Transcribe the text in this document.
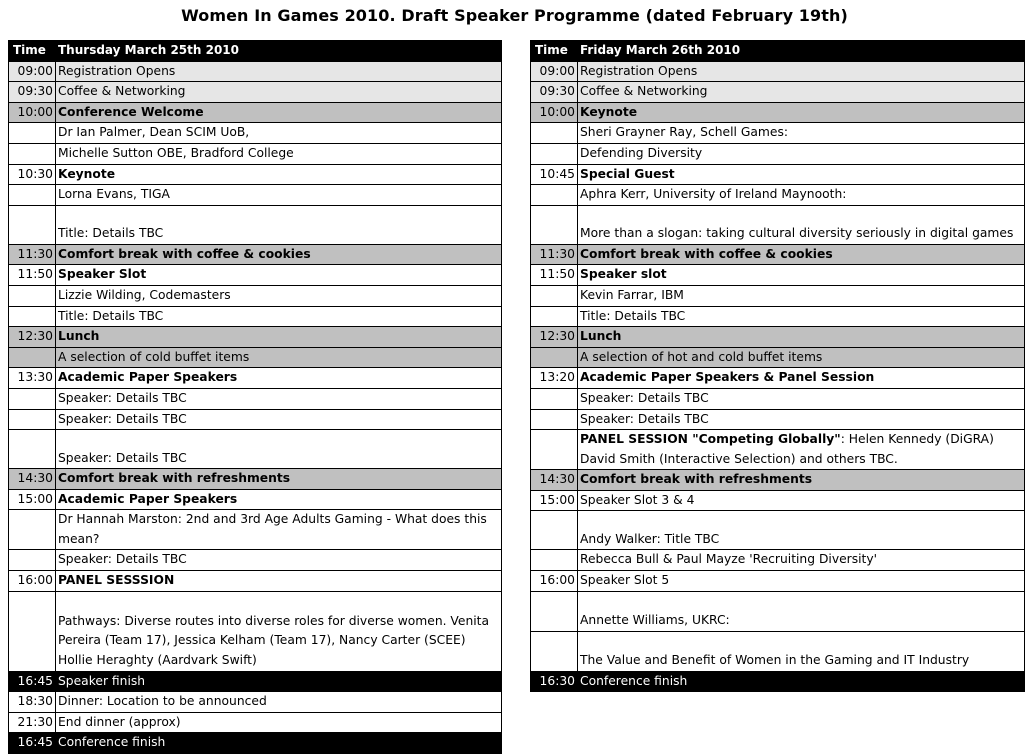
Women In Games 2010. Draft Speaker Programme (dated February 19th)
Time	Thursday March 25th 2010
09:00	Registration Opens
09:30	Coffee & Networking
10:00	Conference Welcome
	Dr Ian Palmer, Dean SCIM UoB,
	Michelle Sutton OBE, Bradford College
10:30	Keynote
	Lorna Evans, TIGA
	Title: Details TBC
11:30	Comfort break with coffee & cookies
11:50	Speaker Slot
	Lizzie Wilding, Codemasters
	Title: Details TBC
12:30	Lunch
	A selection of cold buffet items
13:30	Academic Paper Speakers
	Speaker: Details TBC
	Speaker: Details TBC
	Speaker: Details TBC
14:30	Comfort break with refreshments
15:00	Academic Paper Speakers
	Dr Hannah Marston: 2nd and 3rd Age Adults Gaming - What does this mean?
	Speaker: Details TBC
16:00	PANEL SESSSION
	Pathways: Diverse routes into diverse roles for diverse women. Venita Pereira (Team 17), Jessica Kelham (Team 17), Nancy Carter (SCEE) Hollie Heraghty (Aardvark Swift)
16:45	Speaker finish
18:30	Dinner: Location to be announced
21:30	End dinner (approx)
16:45	Conference finish
Time	Friday March 26th 2010
09:00	Registration Opens
09:30	Coffee & Networking
10:00	Keynote
	Sheri Grayner Ray, Schell Games:
	Defending Diversity
10:45	Special Guest
	Aphra Kerr, University of Ireland Maynooth:
	More than a slogan: taking cultural diversity seriously in digital games
11:30	Comfort break with coffee & cookies
11:50	Speaker slot
	Kevin Farrar, IBM
	Title: Details TBC
12:30	Lunch
	A selection of hot and cold buffet items
13:20	Academic Paper Speakers & Panel Session
	Speaker: Details TBC
	Speaker: Details TBC
	PANEL SESSION "Competing Globally": Helen Kennedy (DiGRA) David Smith (Interactive Selection) and others TBC.
14:30	Comfort break with refreshments
15:00	Speaker Slot 3 & 4
	Andy Walker: Title TBC
	Rebecca Bull & Paul Mayze 'Recruiting Diversity'
16:00	Speaker Slot 5
	Annette Williams, UKRC:
	The Value and Benefit of Women in the Gaming and IT Industry
16:30	Conference finish
